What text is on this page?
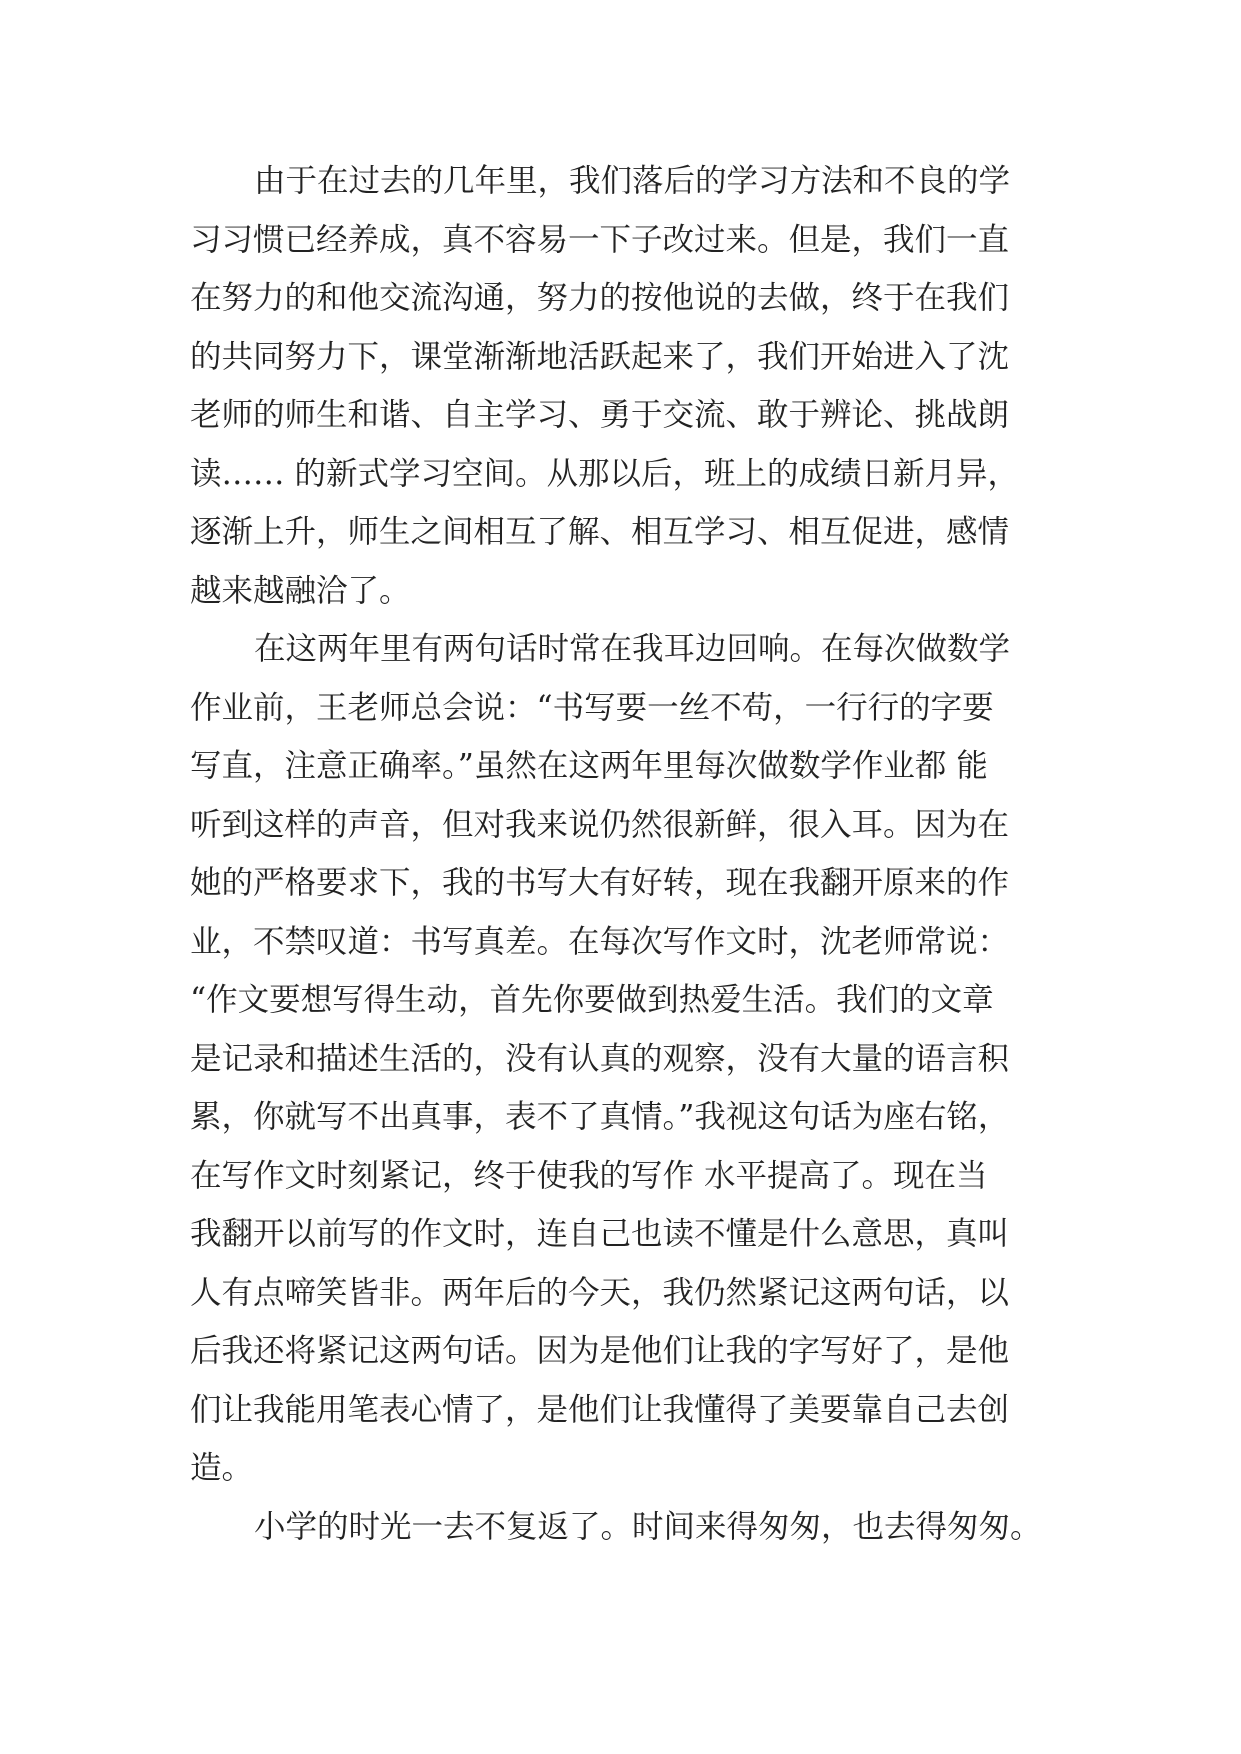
由于在过去的几年里，我们落后的学习方法和不良的学
习习惯已经养成，真不容易一下子改过来。但是，我们一直
在努力的和他交流沟通，努力的按他说的去做，终于在我们
的共同努力下，课堂渐渐地活跃起来了，我们开始进入了沈
老师的师生和谐、自主学习、勇于交流、敢于辨论、挑战朗
读…… 的新式学习空间。从那以后，班上的成绩日新月异，
逐渐上升，师生之间相互了解、相互学习、相互促进，感情
越来越融洽了。
在这两年里有两句话时常在我耳边回响。在每次做数学
作业前，王老师总会说：“书写要一丝不苟，一行行的字要
写直，注意正确率。”虽然在这两年里每次做数学作业都 能
听到这样的声音，但对我来说仍然很新鲜，很入耳。因为在
她的严格要求下，我的书写大有好转，现在我翻开原来的作
业，不禁叹道：书写真差。在每次写作文时，沈老师常说：
“作文要想写得生动，首先你要做到热爱生活。我们的文章
是记录和描述生活的，没有认真的观察，没有大量的语言积
累，你就写不出真事，表不了真情。”我视这句话为座右铭，
在写作文时刻紧记，终于使我的写作 水平提高了。现在当
我翻开以前写的作文时，连自己也读不懂是什么意思，真叫
人有点啼笑皆非。两年后的今天，我仍然紧记这两句话，以
后我还将紧记这两句话。因为是他们让我的字写好了，是他
们让我能用笔表心情了，是他们让我懂得了美要靠自己去创
造。
小学的时光一去不复返了。时间来得匆匆，也去得匆匆。
